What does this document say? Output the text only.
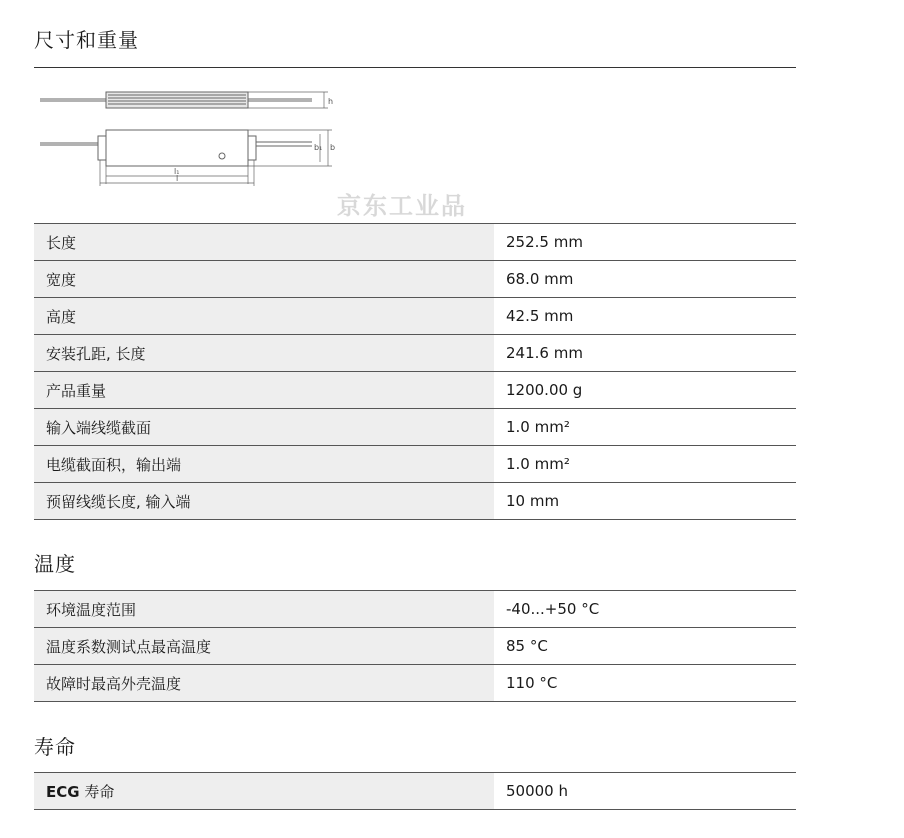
尺寸和重量
h
b₁ b
l₁
l
京东工业品
长度	252.5 mm
宽度	68.0 mm
高度	42.5 mm
安装孔距, 长度	241.6 mm
产品重量	1200.00 g
输入端线缆截面	1.0 mm²
电缆截面积，输出端	1.0 mm²
预留线缆长度, 输入端	10 mm
温度
环境温度范围	-40...+50 °C
温度系数测试点最高温度	85 °C
故障时最高外壳温度	110 °C
寿命
ECG 寿命	50000 h
